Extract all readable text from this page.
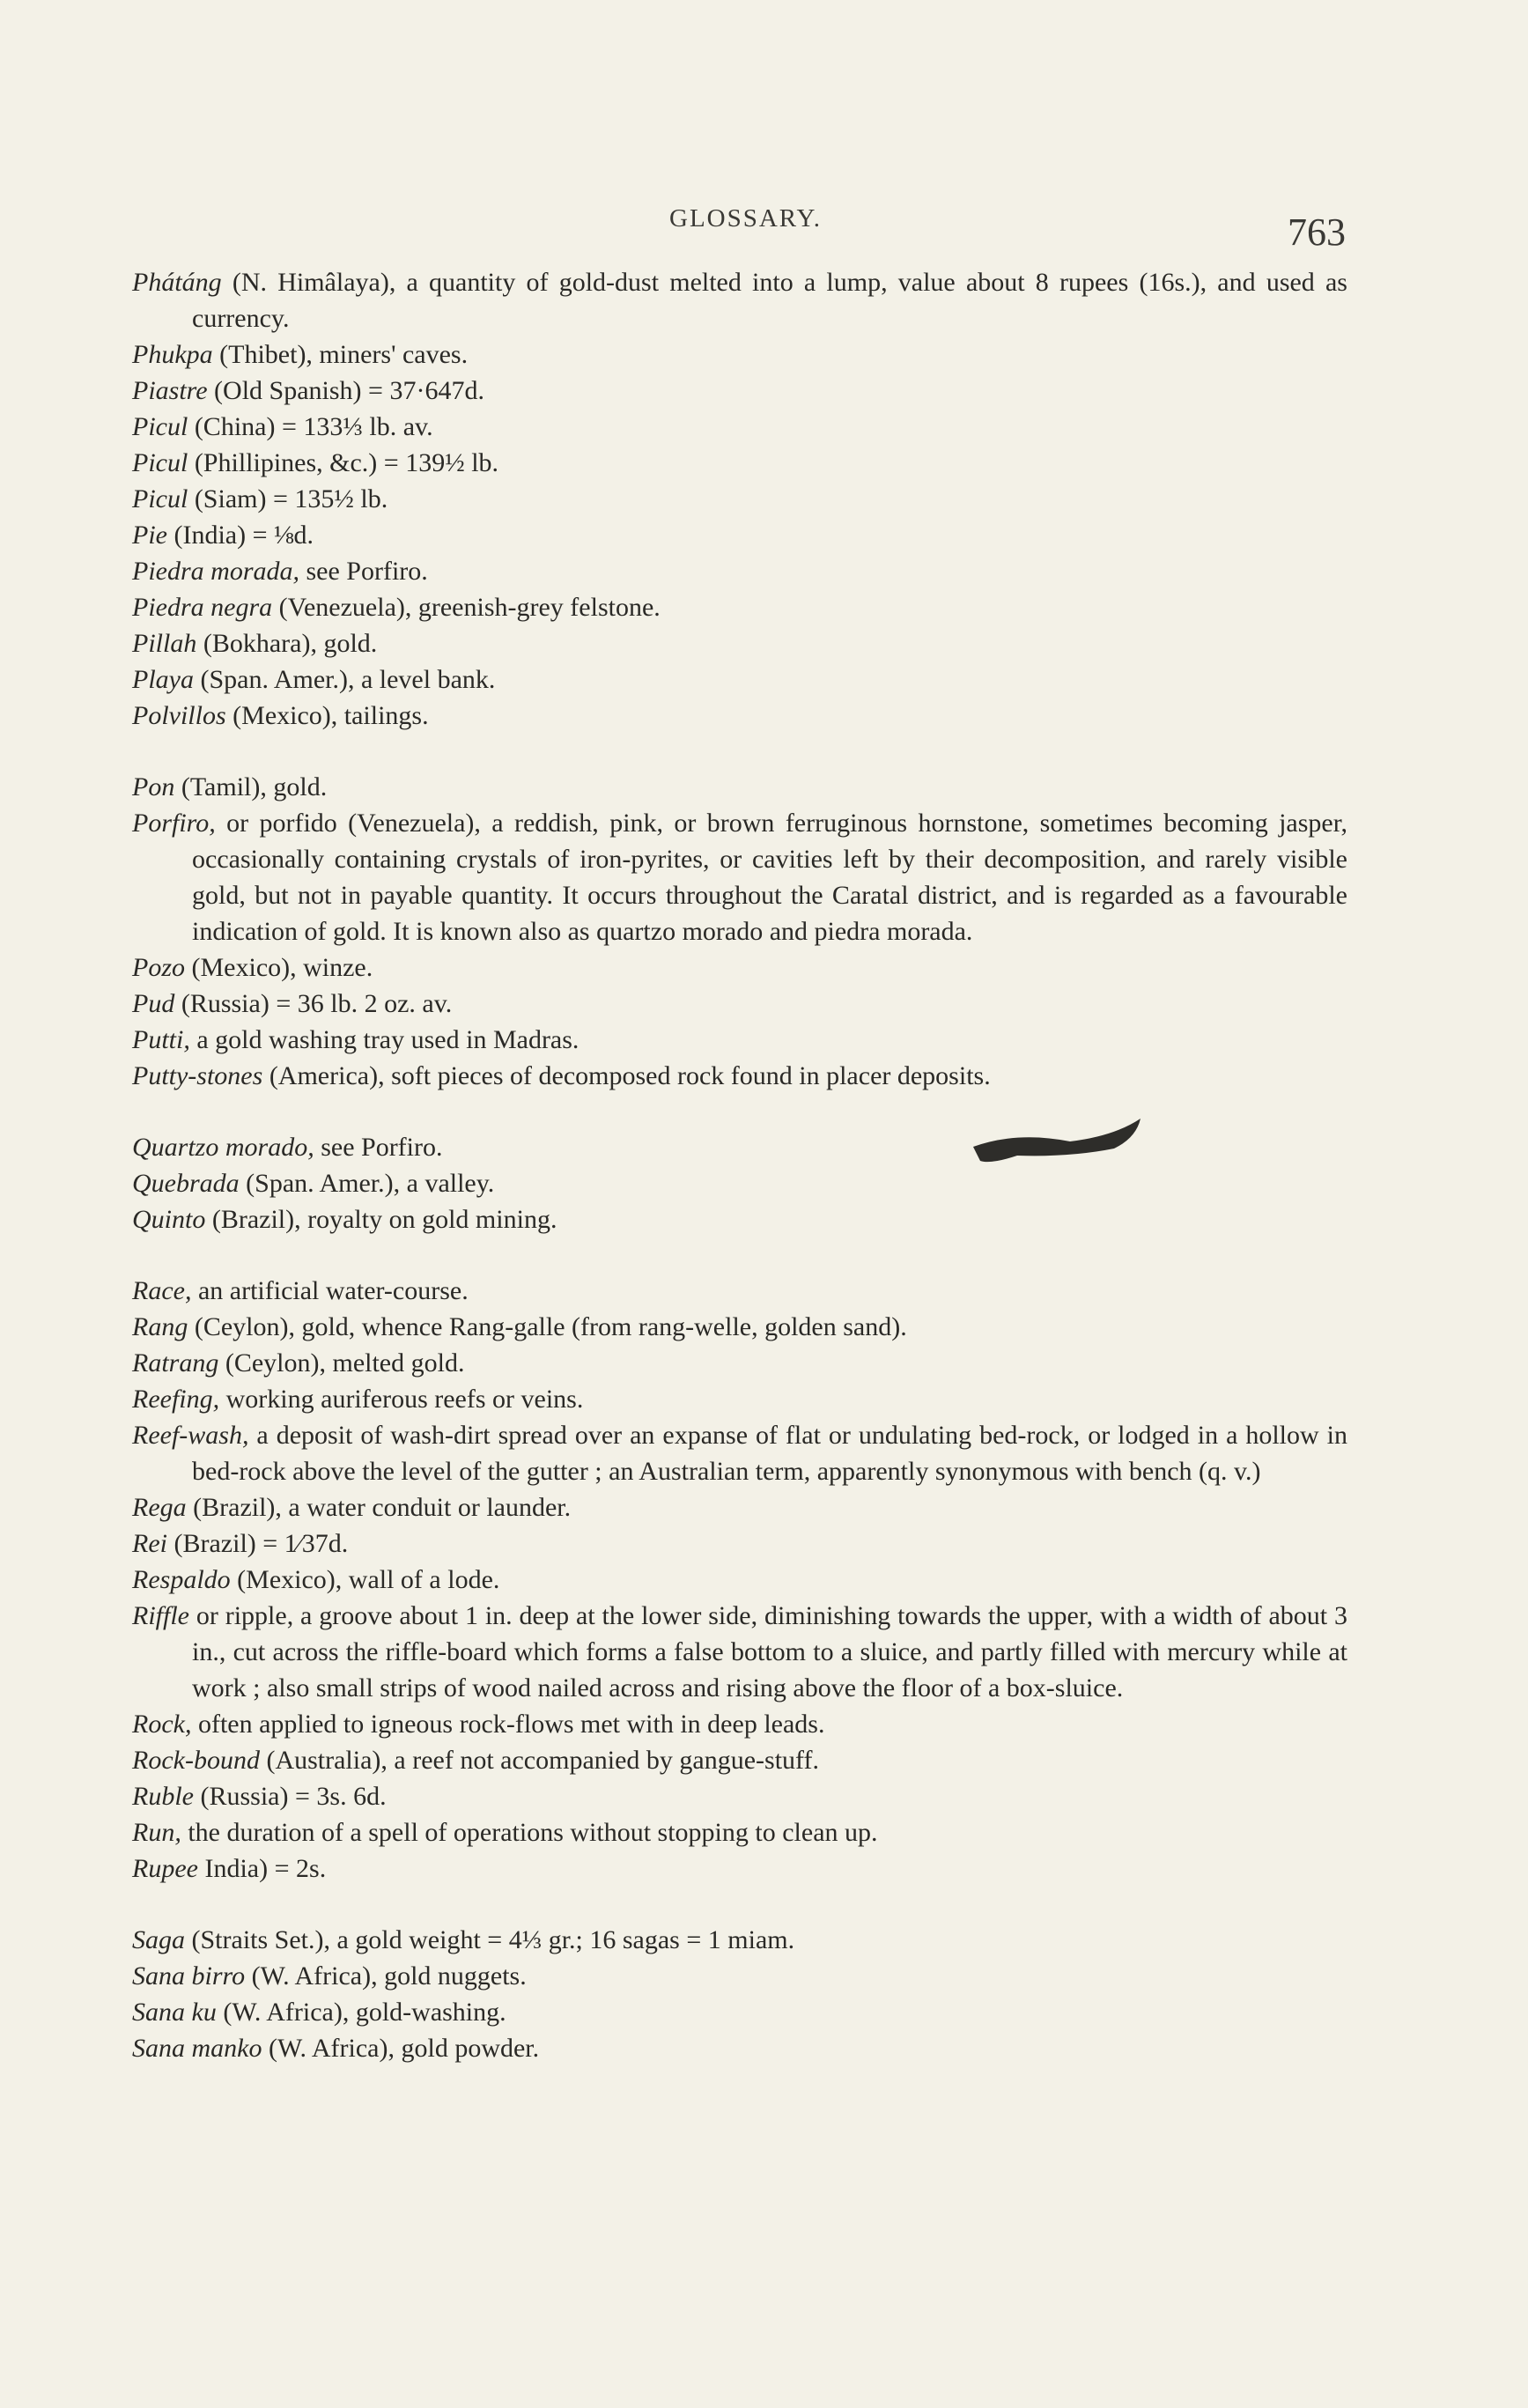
GLOSSARY.	763
Phátáng (N. Himâlaya), a quantity of gold-dust melted into a lump, value about 8 rupees (16s.), and used as currency.
Phukpa (Thibet), miners' caves.
Piastre (Old Spanish) = 37·647d.
Picul (China) = 133⅓ lb. av.
Picul (Phillipines, &c.) = 139½ lb.
Picul (Siam) = 135½ lb.
Pie (India) = ⅛d.
Piedra morada, see Porfiro.
Piedra negra (Venezuela), greenish-grey felstone.
Pillah (Bokhara), gold.
Playa (Span. Amer.), a level bank.
Polvillos (Mexico), tailings.
Pon (Tamil), gold.
Porfiro, or porfido (Venezuela), a reddish, pink, or brown ferruginous hornstone, sometimes becoming jasper, occasionally containing crystals of iron-pyrites, or cavities left by their decomposition, and rarely visible gold, but not in payable quantity. It occurs throughout the Caratal district, and is regarded as a favourable indication of gold. It is known also as quartzo morado and piedra morada.
Pozo (Mexico), winze.
Pud (Russia) = 36 lb. 2 oz. av.
Putti, a gold washing tray used in Madras.
Putty-stones (America), soft pieces of decomposed rock found in placer deposits.
Quartzo morado, see Porfiro.
Quebrada (Span. Amer.), a valley.
Quinto (Brazil), royalty on gold mining.
Race, an artificial water-course.
Rang (Ceylon), gold, whence Rang-galle (from rang-welle, golden sand).
Ratrang (Ceylon), melted gold.
Reefing, working auriferous reefs or veins.
Reef-wash, a deposit of wash-dirt spread over an expanse of flat or undulating bed-rock, or lodged in a hollow in bed-rock above the level of the gutter ; an Australian term, apparently synonymous with bench (q. v.)
Rega (Brazil), a water conduit or launder.
Rei (Brazil) = 1⁄37d.
Respaldo (Mexico), wall of a lode.
Riffle or ripple, a groove about 1 in. deep at the lower side, diminishing towards the upper, with a width of about 3 in., cut across the riffle-board which forms a false bottom to a sluice, and partly filled with mercury while at work ; also small strips of wood nailed across and rising above the floor of a box-sluice.
Rock, often applied to igneous rock-flows met with in deep leads.
Rock-bound (Australia), a reef not accompanied by gangue-stuff.
Ruble (Russia) = 3s. 6d.
Run, the duration of a spell of operations without stopping to clean up.
Rupee India) = 2s.
Saga (Straits Set.), a gold weight = 4⅓ gr.; 16 sagas = 1 miam.
Sana birro (W. Africa), gold nuggets.
Sana ku (W. Africa), gold-washing.
Sana manko (W. Africa), gold powder.
